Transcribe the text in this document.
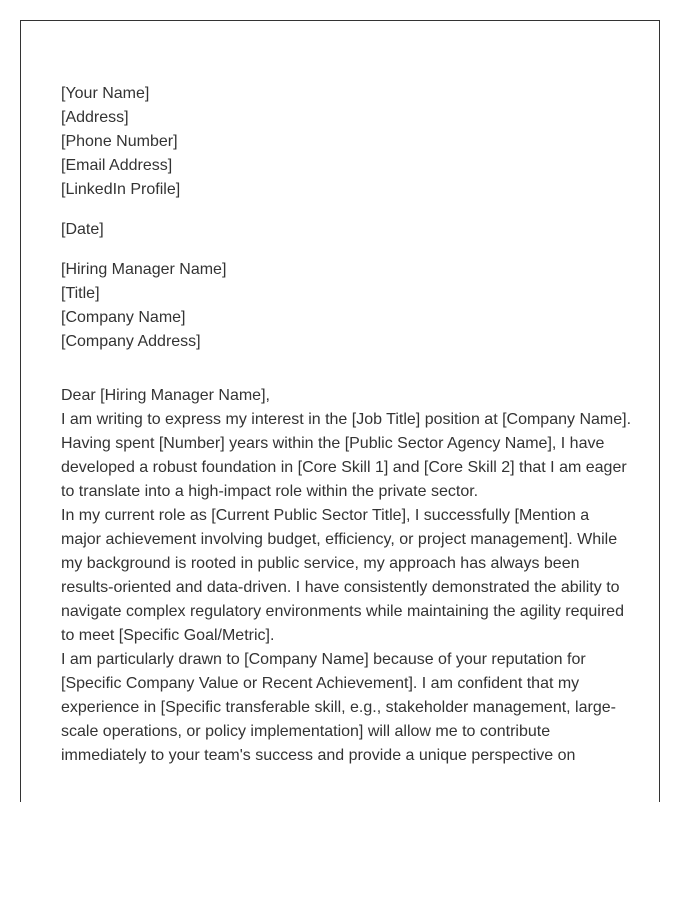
[Your Name]
[Address]
[Phone Number]
[Email Address]
[LinkedIn Profile]
[Date]
[Hiring Manager Name]
[Title]
[Company Name]
[Company Address]
Dear [Hiring Manager Name],

I am writing to express my interest in the [Job Title] position at [Company Name]. Having spent [Number] years within the [Public Sector Agency Name], I have developed a robust foundation in [Core Skill 1] and [Core Skill 2] that I am eager to translate into a high-impact role within the private sector.

In my current role as [Current Public Sector Title], I successfully [Mention a major achievement involving budget, efficiency, or project management]. While my background is rooted in public service, my approach has always been results-oriented and data-driven. I have consistently demonstrated the ability to navigate complex regulatory environments while maintaining the agility required to meet [Specific Goal/Metric].

I am particularly drawn to [Company Name] because of your reputation for [Specific Company Value or Recent Achievement]. I am confident that my experience in [Specific transferable skill, e.g., stakeholder management, large-scale operations, or policy implementation] will allow me to contribute immediately to your team's success and provide a unique perspective on
